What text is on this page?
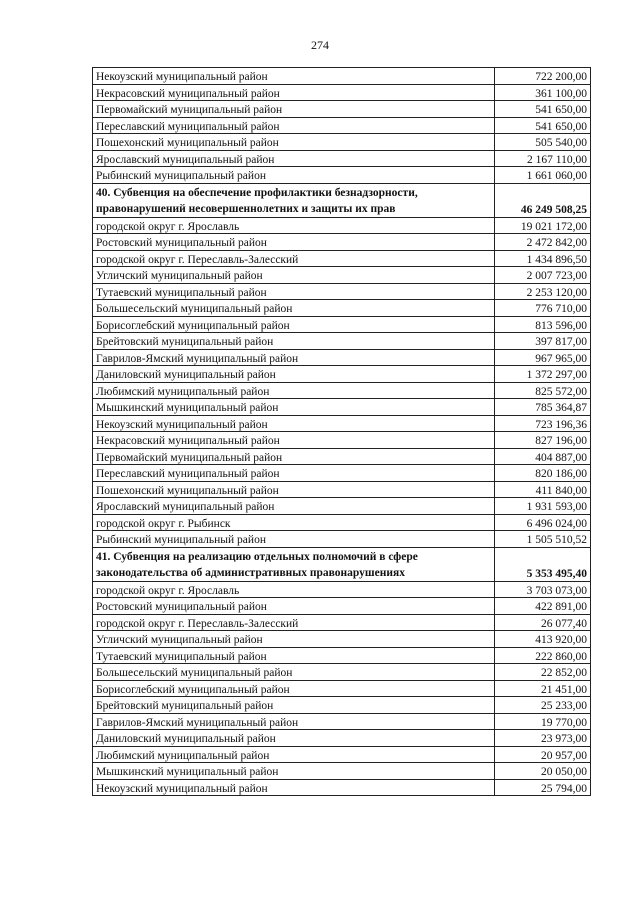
274
Некоузский муниципальный район	722 200,00
Некрасовский муниципальный район	361 100,00
Первомайский муниципальный район	541 650,00
Переславский муниципальный район	541 650,00
Пошехонский муниципальный район	505 540,00
Ярославский муниципальный район	2 167 110,00
Рыбинский муниципальный район	1 661 060,00
40. Субвенция на обеспечение профилактики безнадзорности, правонарушений несовершеннолетних и защиты их прав	46 249 508,25
городской округ г. Ярославль	19 021 172,00
Ростовский муниципальный район	2 472 842,00
городской округ г. Переславль-Залесский	1 434 896,50
Угличский муниципальный район	2 007 723,00
Тутаевский муниципальный район	2 253 120,00
Большесельский муниципальный район	776 710,00
Борисоглебский муниципальный район	813 596,00
Брейтовский муниципальный район	397 817,00
Гаврилов-Ямский муниципальный район	967 965,00
Даниловский муниципальный район	1 372 297,00
Любимский муниципальный район	825 572,00
Мышкинский муниципальный район	785 364,87
Некоузский муниципальный район	723 196,36
Некрасовский муниципальный район	827 196,00
Первомайский муниципальный район	404 887,00
Переславский муниципальный район	820 186,00
Пошехонский муниципальный район	411 840,00
Ярославский муниципальный район	1 931 593,00
городской округ г. Рыбинск	6 496 024,00
Рыбинский муниципальный район	1 505 510,52
41. Субвенция на реализацию отдельных полномочий в сфере законодательства об административных правонарушениях	5 353 495,40
городской округ г. Ярославль	3 703 073,00
Ростовский муниципальный район	422 891,00
городской округ г. Переславль-Залесский	26 077,40
Угличский муниципальный район	413 920,00
Тутаевский муниципальный район	222 860,00
Большесельский муниципальный район	22 852,00
Борисоглебский муниципальный район	21 451,00
Брейтовский муниципальный район	25 233,00
Гаврилов-Ямский муниципальный район	19 770,00
Даниловский муниципальный район	23 973,00
Любимский муниципальный район	20 957,00
Мышкинский муниципальный район	20 050,00
Некоузский муниципальный район	25 794,00
